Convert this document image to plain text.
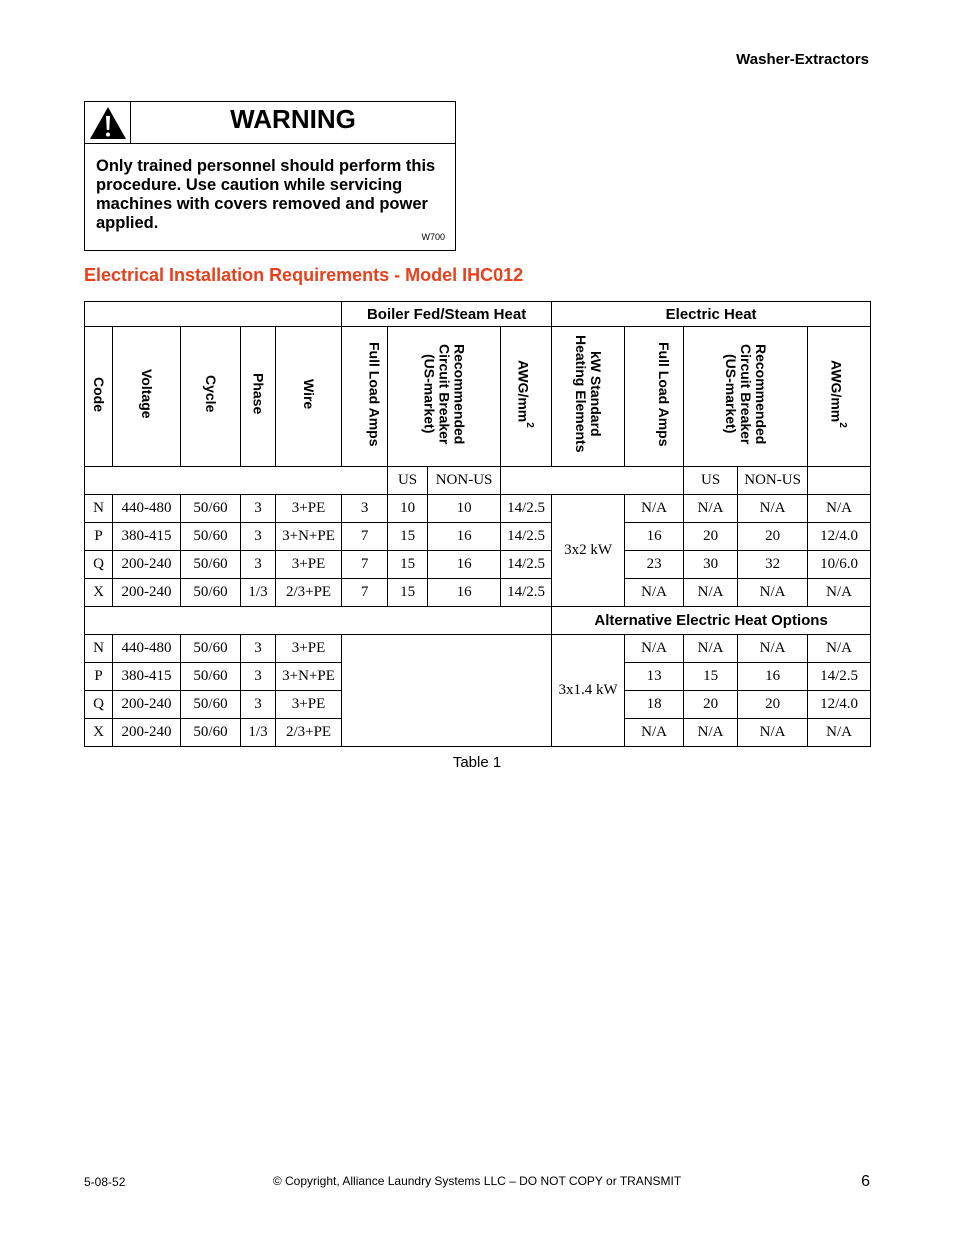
Washer-Extractors
WARNING
Only trained personnel should perform this procedure. Use caution while servicing machines with covers removed and power applied.
W700
Electrical Installation Requirements - Model IHC012
					Boiler Fed/Steam Heat				Electric Heat				
Code	Voltage	Cycle	Phase	Wire	Full Load Amps	Recommended Circuit Breaker (US-market)		AWG/$mm^2$	kW Standard Heating Elements	Full Load Amps	Recommended Circuit Breaker (US-market)		AWG/$mm^2$
						US	NON-US				US	NON-US	
N	440-480	50/60	3	3+PE	3	10	10	14/2.5	3x2 kW	N/A	N/A	N/A	N/A
P	380-415	50/60	3	3+N+PE	7	15	16	14/2.5		16	20	20	12/4.0
Q	200-240	50/60	3	3+PE	7	15	16	14/2.5		23	30	32	10/6.0
X	200-240	50/60	1/3	2/3+PE	7	15	16	14/2.5		N/A	N/A	N/A	N/A
									Alternative Electric Heat Options				
N	440-480	50/60	3	3+PE					3x1.4 kW	N/A	N/A	N/A	N/A
P	380-415	50/60	3	3+N+PE						13	15	16	14/2.5
Q	200-240	50/60	3	3+PE						18	20	20	12/4.0
X	200-240	50/60	1/3	2/3+PE						N/A	N/A	N/A	N/A
Table 1
5-08-52	© Copyright, Alliance Laundry Systems LLC – DO NOT COPY or TRANSMIT	6
